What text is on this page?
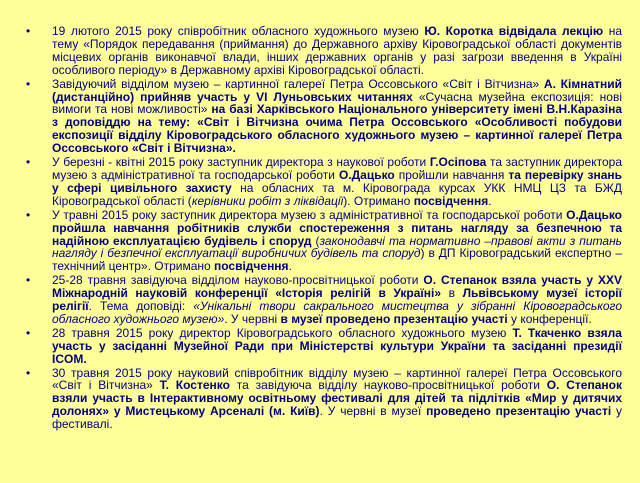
• 19 лютого 2015 року співробітник обласного художнього музею Ю. Коротка відвідала лекцію на тему «Порядок передавання (приймання) до Державного архіву Кіровоградської області документів місцевих органів виконавчої влади, інших державних органів у разі загрози введення в Україні особливого періоду» в Державному архіві Кіровоградської області.
• Завідуючий відділом музею – картинної галереї Петра Оссовського «Світ і Вітчизна» А. Кімнатний (дистанційно) прийняв участь у VІ Луньовських читаннях «Сучасна музейна експозиція: нові вимоги та нові можливості» на базі Харківського Національного університету імені В.Н.Каразіна з доповіддю на тему: «Світ і Вітчизна очима Петра Оссовського «Особливості побудови експозиції відділу Кіровоградського обласного художнього музею – картинної галереї Петра Оссовського «Світ і Вітчизна».
• У березні - квітні 2015 року заступник директора з наукової роботи Г.Осіпова та заступник директора музею з адміністративної та господарської роботи О.Дацько пройшли навчання та перевірку знань у сфері цивільного захисту на обласних та м. Кіровограда курсах УКК НМЦ ЦЗ та БЖД Кіровоградської області (керівники робіт з ліквідації). Отримано посвідчення.
• У травні 2015 року заступник директора музею з адміністративної та господарської роботи О.Дацько пройшла навчання робітників служби спостереження з питань нагляду за безпечною та надійною експлуатацією будівель і споруд (законодавчі та нормативно –правові акти з питань нагляду і безпечної експлуатації виробничих будівель та споруд) в ДП Кіровоградський експертно – технічний центр». Отримано посвідчення.
• 25-28 травня завідуюча відділом науково-просвітницької роботи О. Степанок взяла участь у ХХV Міжнародній науковій конференції «Історія релігій в Україні» в Львівському музеї історії релігії. Тема доповіді: «Унікальні твори сакрального мистецтва у зібранні Кіровоградського обласного художнього музею». У червні в музеї проведено презентацію участі у конференції.
• 28 травня 2015 року директор Кіровоградського обласного художнього музею Т. Ткаченко взяла участь у засіданні Музейної Ради при Міністерстві культури України та засіданні президії ICOM.
• 30 травня 2015 року науковий співробітник відділу музею – картинної галереї Петра Оссовського «Світ і Вітчизна» Т. Костенко та завідуюча відділу науково-просвітницької роботи О. Степанок взяли участь в Інтерактивному освітньому фестивалі для дітей та підлітків «Мир у дитячих долонях» у Мистецькому Арсеналі (м. Київ). У червні в музеї проведено презентацію участі у фестивалі.
